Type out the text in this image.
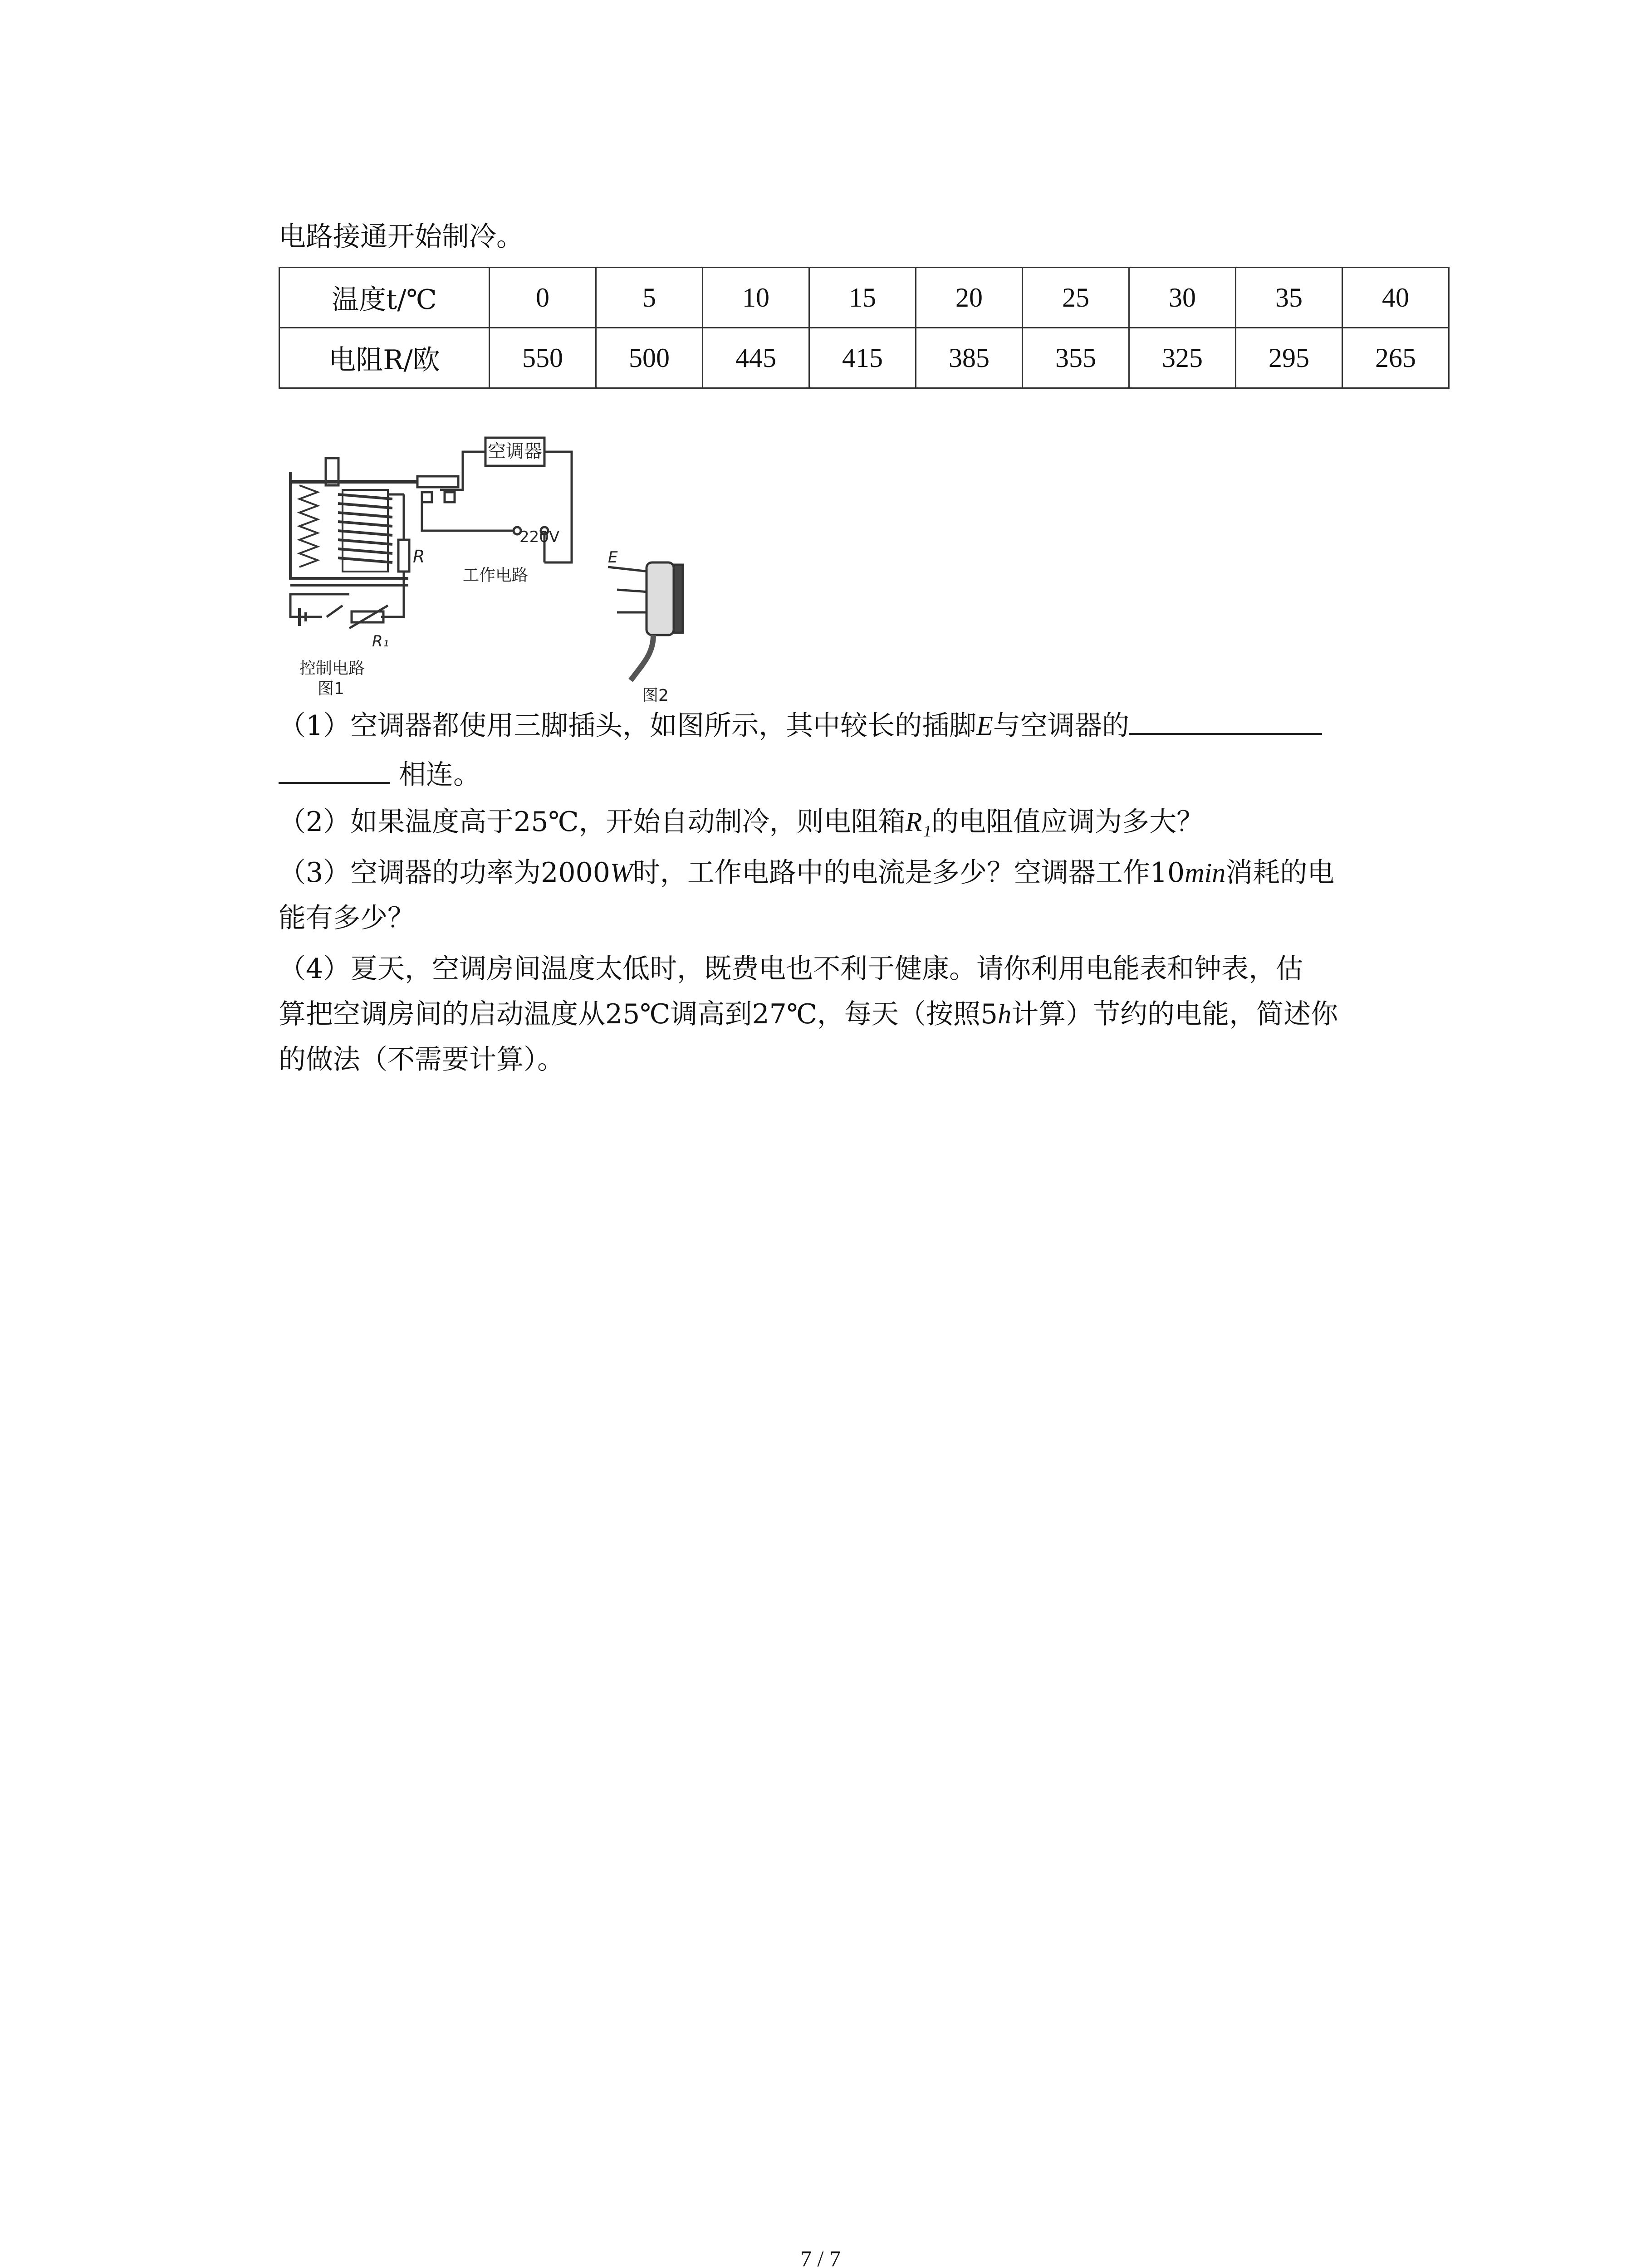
电路接通开始制冷。
温度t/℃	0	5	10	15	20	25	30	35	40
电阻R/欧	550	500	445	415	385	355	325	295	265
空调器
220V
工作电路
R
R₁
控制电路
图1
E
图2
（1）空调器都使用三脚插头，如图所示，其中较长的插脚E与空调器的
相连。
（2）如果温度高于25℃，开始自动制冷，则电阻箱R₁的电阻值应调为多大？
（3）空调器的功率为2000W时，工作电路中的电流是多少？空调器工作10min消耗的电
能有多少？
（4）夏天，空调房间温度太低时，既费电也不利于健康。请你利用电能表和钟表，估
算把空调房间的启动温度从25℃调高到27℃，每天（按照5h计算）节约的电能，简述你
的做法（不需要计算）。
7 / 7
